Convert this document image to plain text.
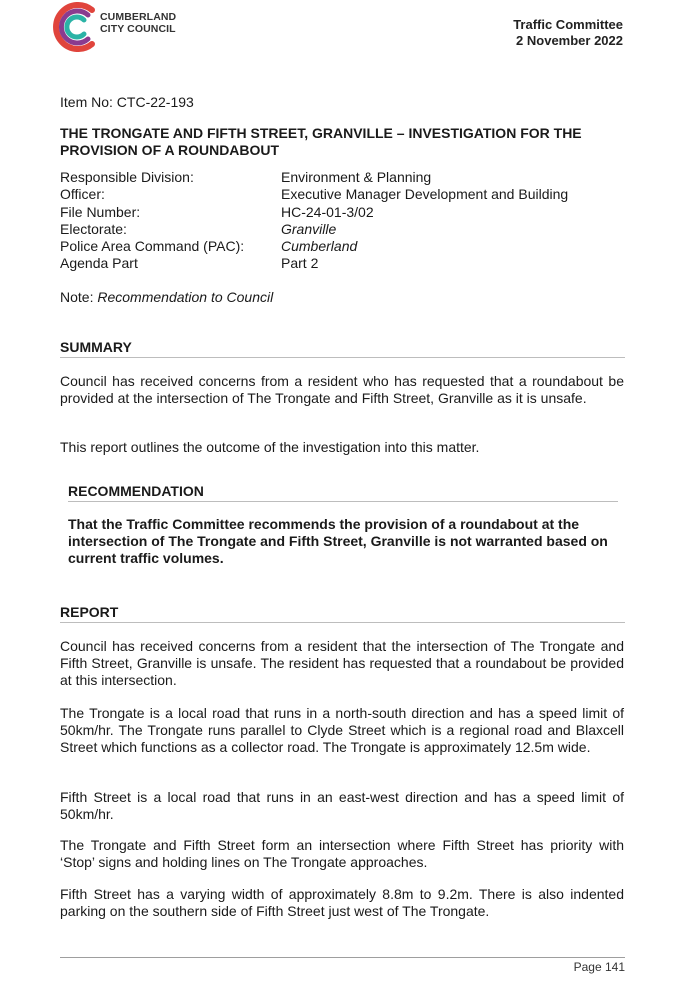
CUMBERLAND
CITY COUNCIL	Traffic Committee
2 November 2022
Item No: CTC-22-193
THE TRONGATE AND FIFTH STREET, GRANVILLE – INVESTIGATION FOR THE PROVISION OF A ROUNDABOUT
Responsible Division:	Environment & Planning
Officer:	Executive Manager Development and Building
File Number:	HC-24-01-3/02
Electorate:	Granville
Police Area Command (PAC):	Cumberland
Agenda Part	Part 2
Note: Recommendation to Council
SUMMARY
Council has received concerns from a resident who has requested that a roundabout be provided at the intersection of The Trongate and Fifth Street, Granville as it is unsafe.
This report outlines the outcome of the investigation into this matter.
RECOMMENDATION
That the Traffic Committee recommends the provision of a roundabout at the intersection of The Trongate and Fifth Street, Granville is not warranted based on current traffic volumes.
REPORT
Council has received concerns from a resident that the intersection of The Trongate and Fifth Street, Granville is unsafe. The resident has requested that a roundabout be provided at this intersection.
The Trongate is a local road that runs in a north-south direction and has a speed limit of 50km/hr. The Trongate runs parallel to Clyde Street which is a regional road and Blaxcell Street which functions as a collector road. The Trongate is approximately 12.5m wide.
Fifth Street is a local road that runs in an east-west direction and has a speed limit of 50km/hr.
The Trongate and Fifth Street form an intersection where Fifth Street has priority with ‘Stop’ signs and holding lines on The Trongate approaches.
Fifth Street has a varying width of approximately 8.8m to 9.2m. There is also indented parking on the southern side of Fifth Street just west of The Trongate.
Page 141
